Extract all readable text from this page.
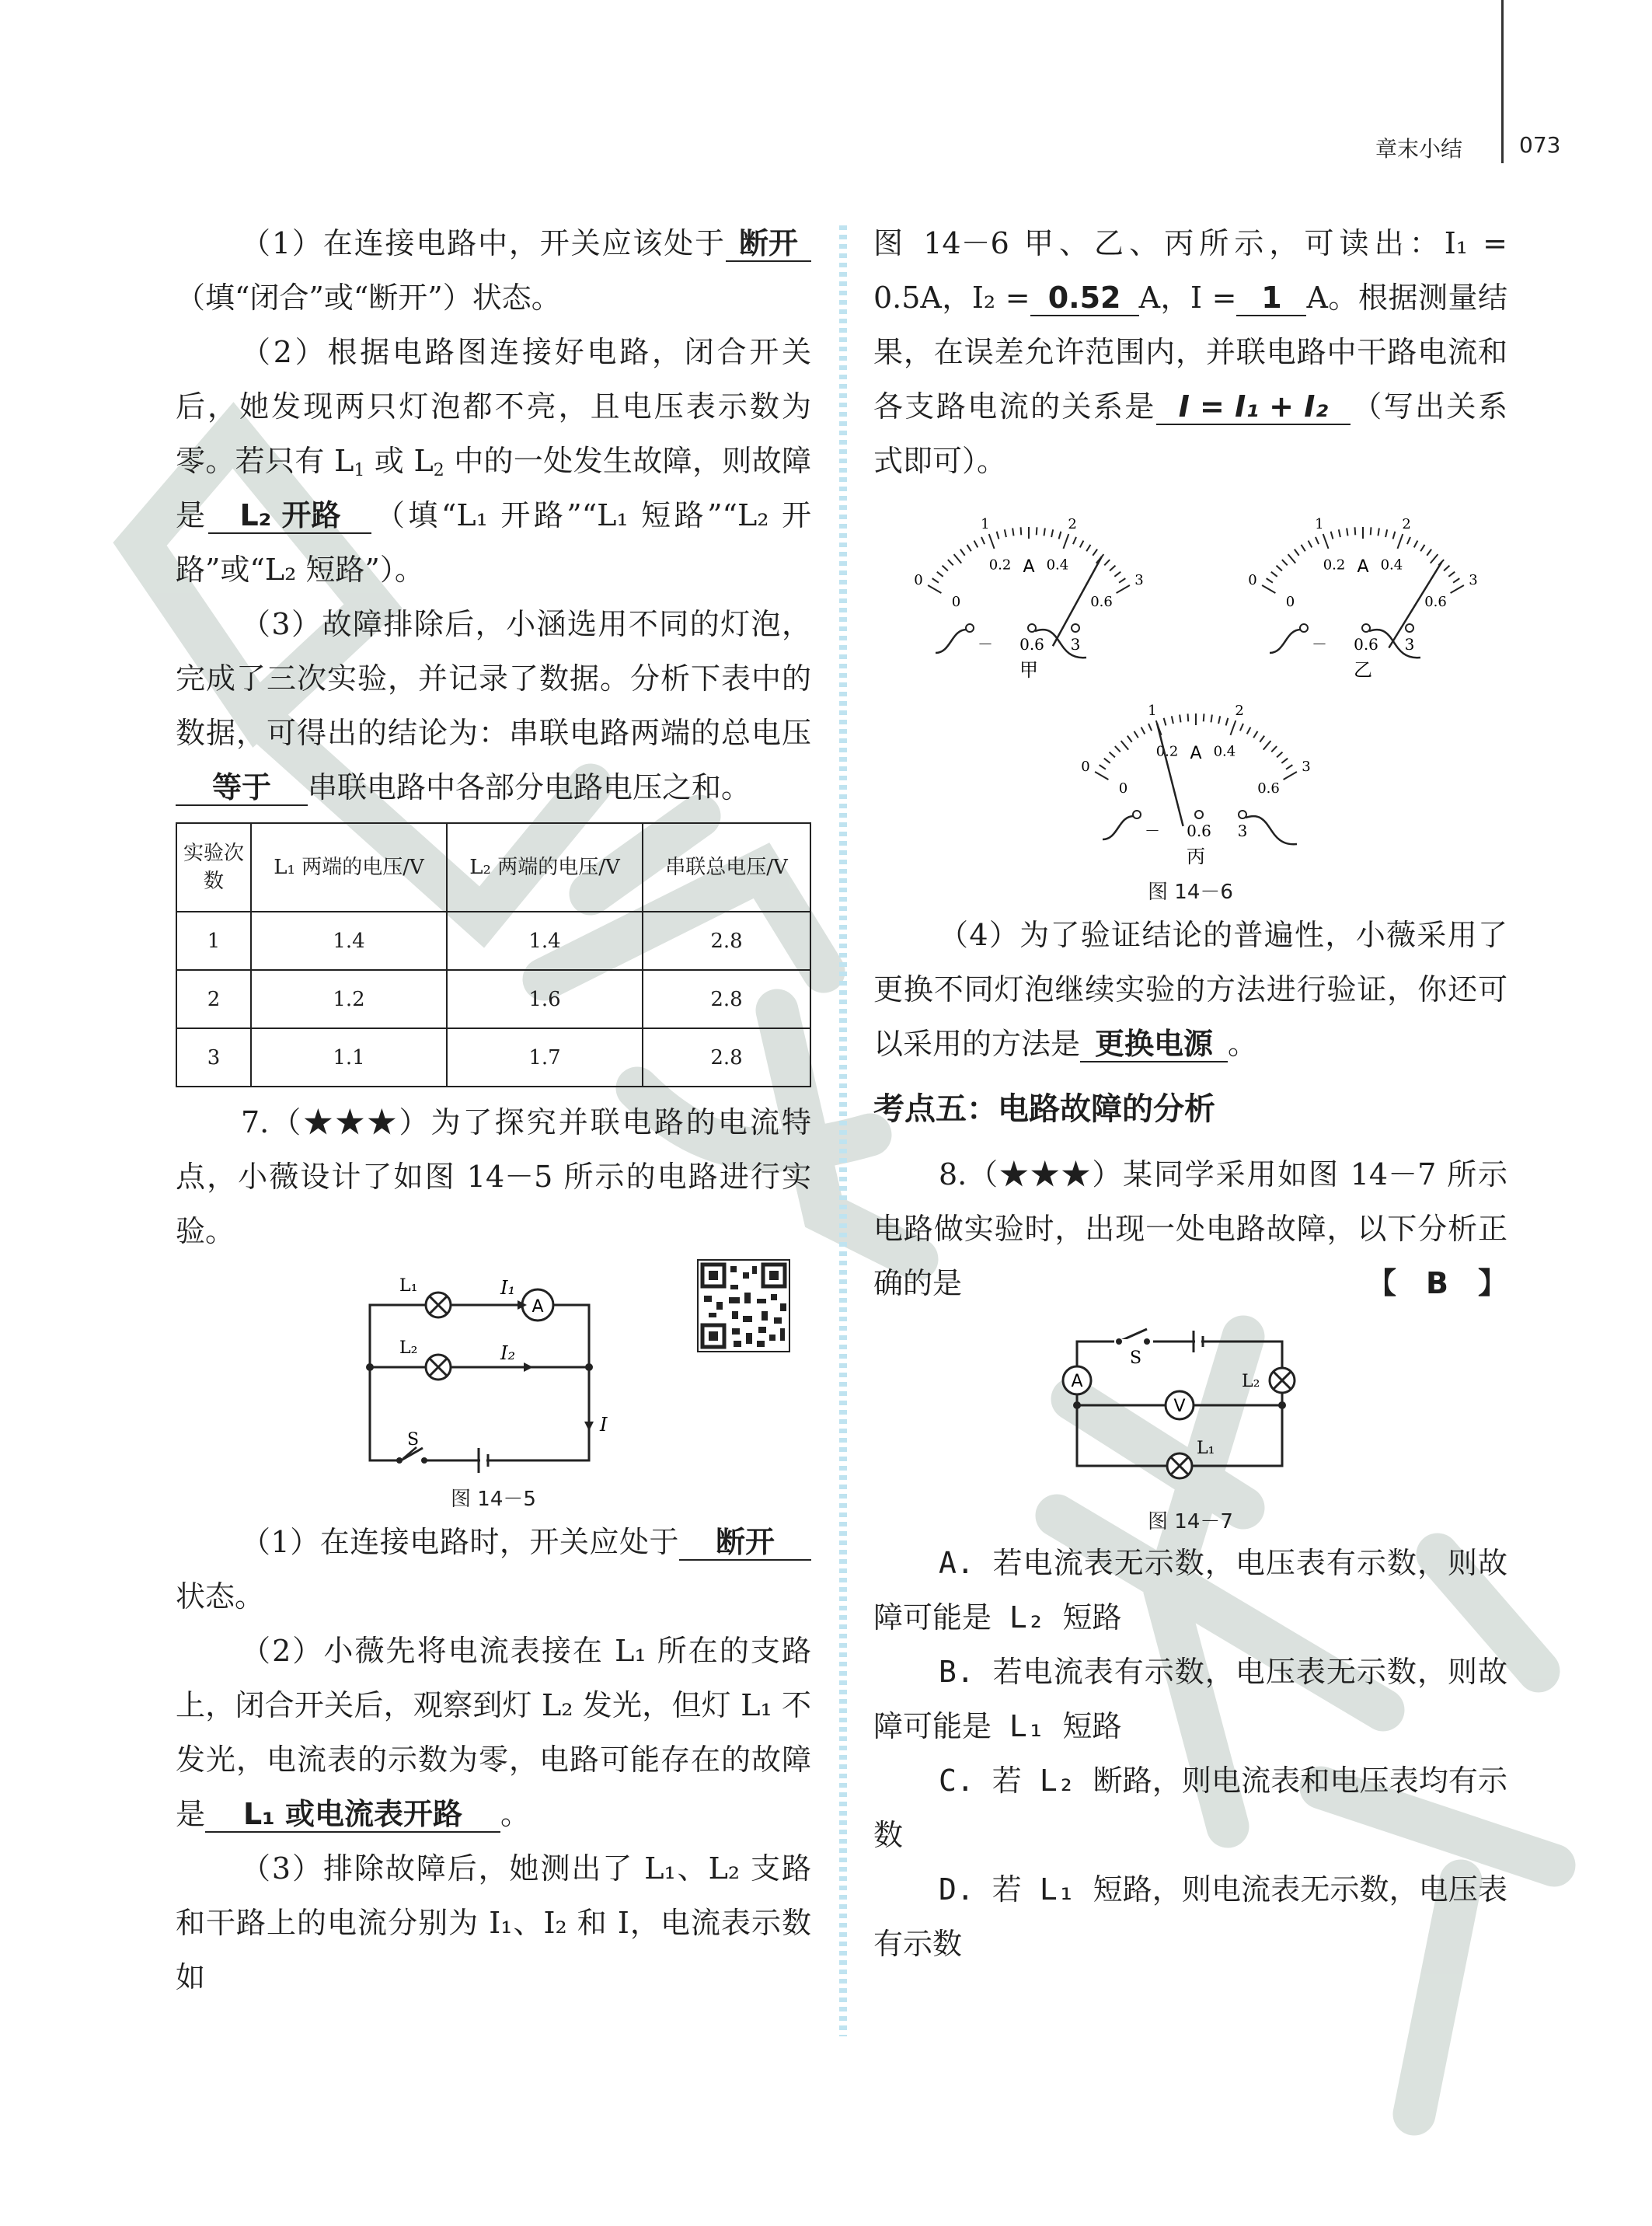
章末小结	073

（1）在连接电路中，开关应该处于 断开（填“闭合”或“断开”）状态。

（2）根据电路图连接好电路，闭合开关后，她发现两只灯泡都不亮，且电压表示数为零。若只有 $L_1$ 或 $L_2$ 中的一处发生故障，则故障是 L₂ 开路 （填“L₁ 开路”“L₁ 短路”“L₂ 开路”或“L₂ 短路”）。

（3）故障排除后，小涵选用不同的灯泡，完成了三次实验，并记录了数据。分析下表中的数据，可得出的结论为：串联电路两端的总电压等于 串联电路中各部分电路电压之和。

实验次数	L₁ 两端的电压/V	L₂ 两端的电压/V	串联总电压/V
1	1.4	1.4	2.8
2	1.2	1.6	2.8
3	1.1	1.7	2.8

7.（★★★）为了探究并联电路的电流特点，小薇设计了如图 14－5 所示的电路进行实验。

A
L₁
L₂
I₁
I₂
I
S
图 14－5

（1）在连接电路时，开关应处于 断开状态。

（2）小薇先将电流表接在 L₁ 所在的支路上，闭合开关后，观察到灯 L₂ 发光，但灯 L₁ 不发光，电流表的示数为零，电路可能存在的故障是 L₁ 或电流表开路 。

（3）排除故障后，她测出了 L₁、L₂ 支路和干路上的电流分别为 I₁、I₂ 和 I，电流表示数如

图 14－6 甲、乙、丙所示，可读出：I₁ = 0.5A，I₂ = 0.52 A，I = 1 A。根据测量结果，在误差允许范围内，并联电路中干路电流和各支路电流的关系是 I = I₁ + I₂ （写出关系式即可）。

0
0
1
0.2
2
0.4
3
0.6
A
－ 0.6 3
甲
0
0
1
0.2
2
0.4
3
0.6
A
－ 0.6 3
乙
0
0
1
0.2
2
0.4
3
0.6
A
－ 0.6 3
丙
图 14－6

（4）为了验证结论的普遍性，小薇采用了更换不同灯泡继续实验的方法进行验证，你还可以采用的方法是 更换电源 。

考点五：电路故障的分析

8.（★★★）某同学采用如图 14－7 所示电路做实验时，出现一处电路故障，以下分析正确的是	【　B　】

A
V
S
L₂
L₁
图 14－7

A. 若电流表无示数，电压表有示数，则故障可能是 L₂ 短路

B. 若电流表有示数，电压表无示数，则故障可能是 L₁ 短路

C. 若 L₂ 断路，则电流表和电压表均有示数

D. 若 L₁ 短路，则电流表无示数，电压表有示数
